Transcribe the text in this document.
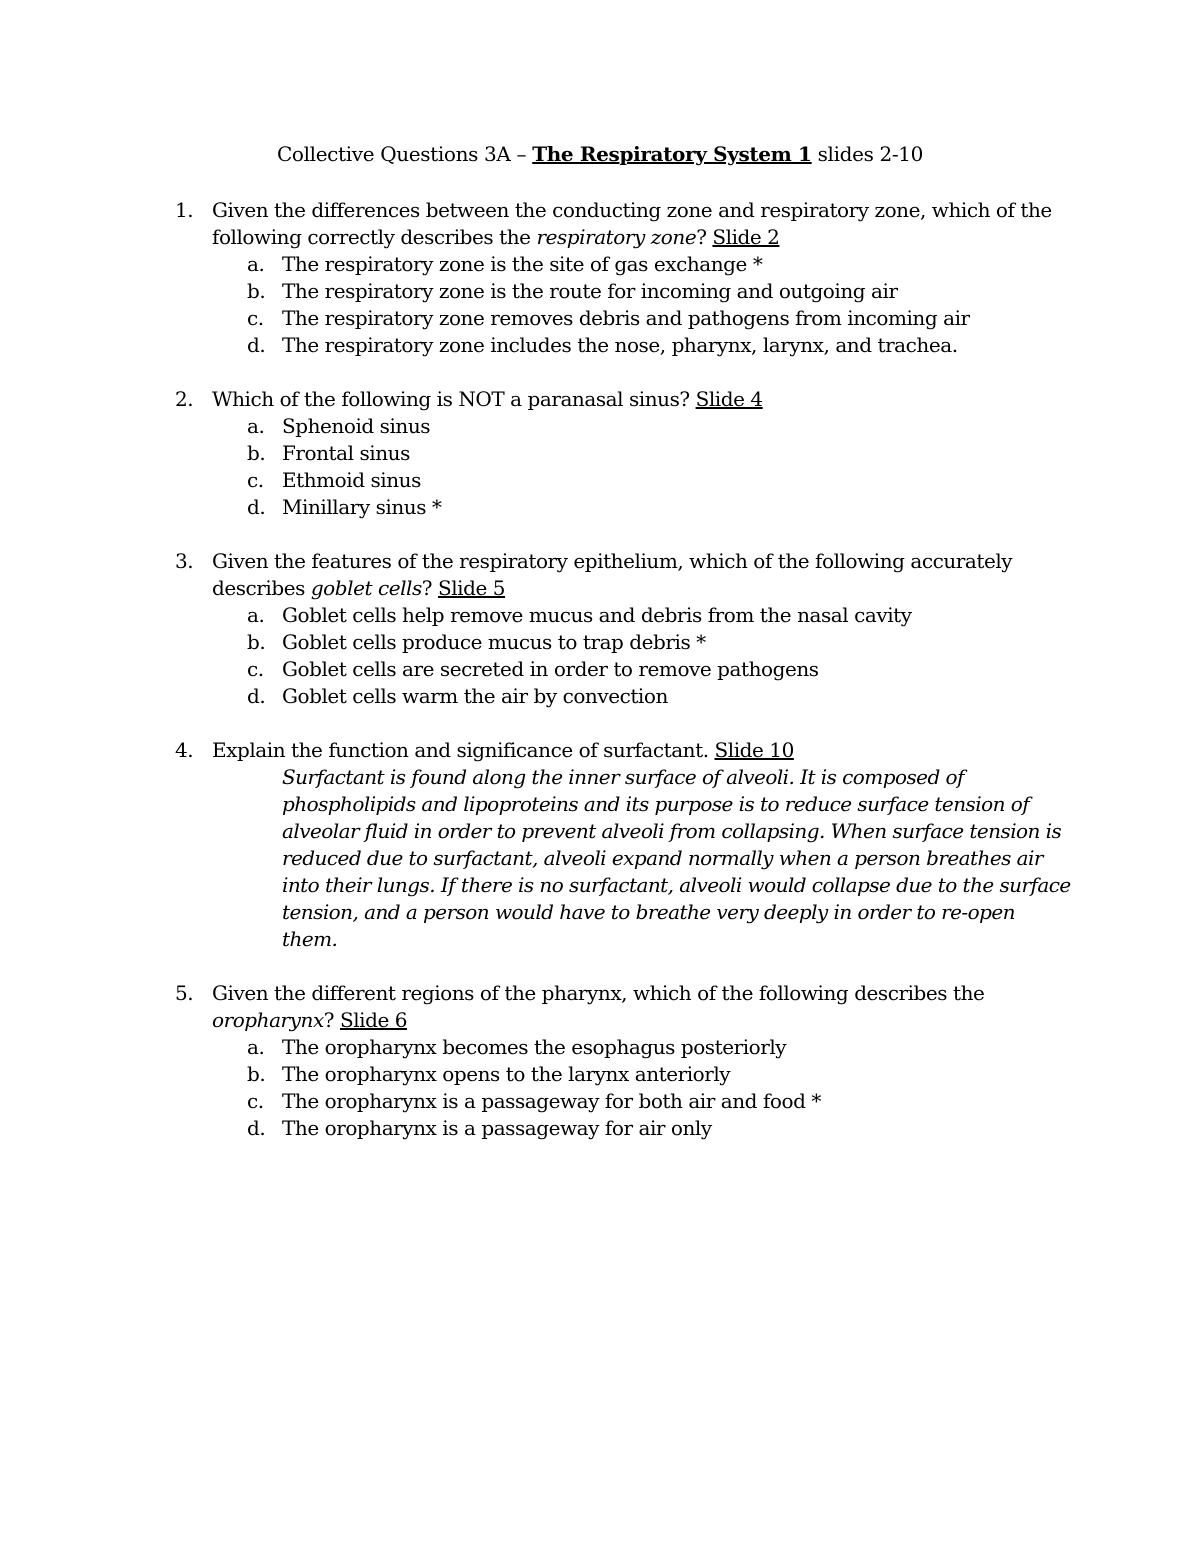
Collective Questions 3A – The Respiratory System 1 slides 2-10
1. Given the differences between the conducting zone and respiratory zone, which of the following correctly describes the respiratory zone? Slide 2
a. The respiratory zone is the site of gas exchange *
b. The respiratory zone is the route for incoming and outgoing air
c. The respiratory zone removes debris and pathogens from incoming air
d. The respiratory zone includes the nose, pharynx, larynx, and trachea.
2. Which of the following is NOT a paranasal sinus? Slide 4
a. Sphenoid sinus
b. Frontal sinus
c. Ethmoid sinus
d. Minillary sinus *
3. Given the features of the respiratory epithelium, which of the following accurately describes goblet cells? Slide 5
a. Goblet cells help remove mucus and debris from the nasal cavity
b. Goblet cells produce mucus to trap debris *
c. Goblet cells are secreted in order to remove pathogens
d. Goblet cells warm the air by convection
4. Explain the function and significance of surfactant. Slide 10
Surfactant is found along the inner surface of alveoli. It is composed of phospholipids and lipoproteins and its purpose is to reduce surface tension of alveolar fluid in order to prevent alveoli from collapsing. When surface tension is reduced due to surfactant, alveoli expand normally when a person breathes air into their lungs. If there is no surfactant, alveoli would collapse due to the surface tension, and a person would have to breathe very deeply in order to re-open them.
5. Given the different regions of the pharynx, which of the following describes the oropharynx? Slide 6
a. The oropharynx becomes the esophagus posteriorly
b. The oropharynx opens to the larynx anteriorly
c. The oropharynx is a passageway for both air and food *
d. The oropharynx is a passageway for air only
